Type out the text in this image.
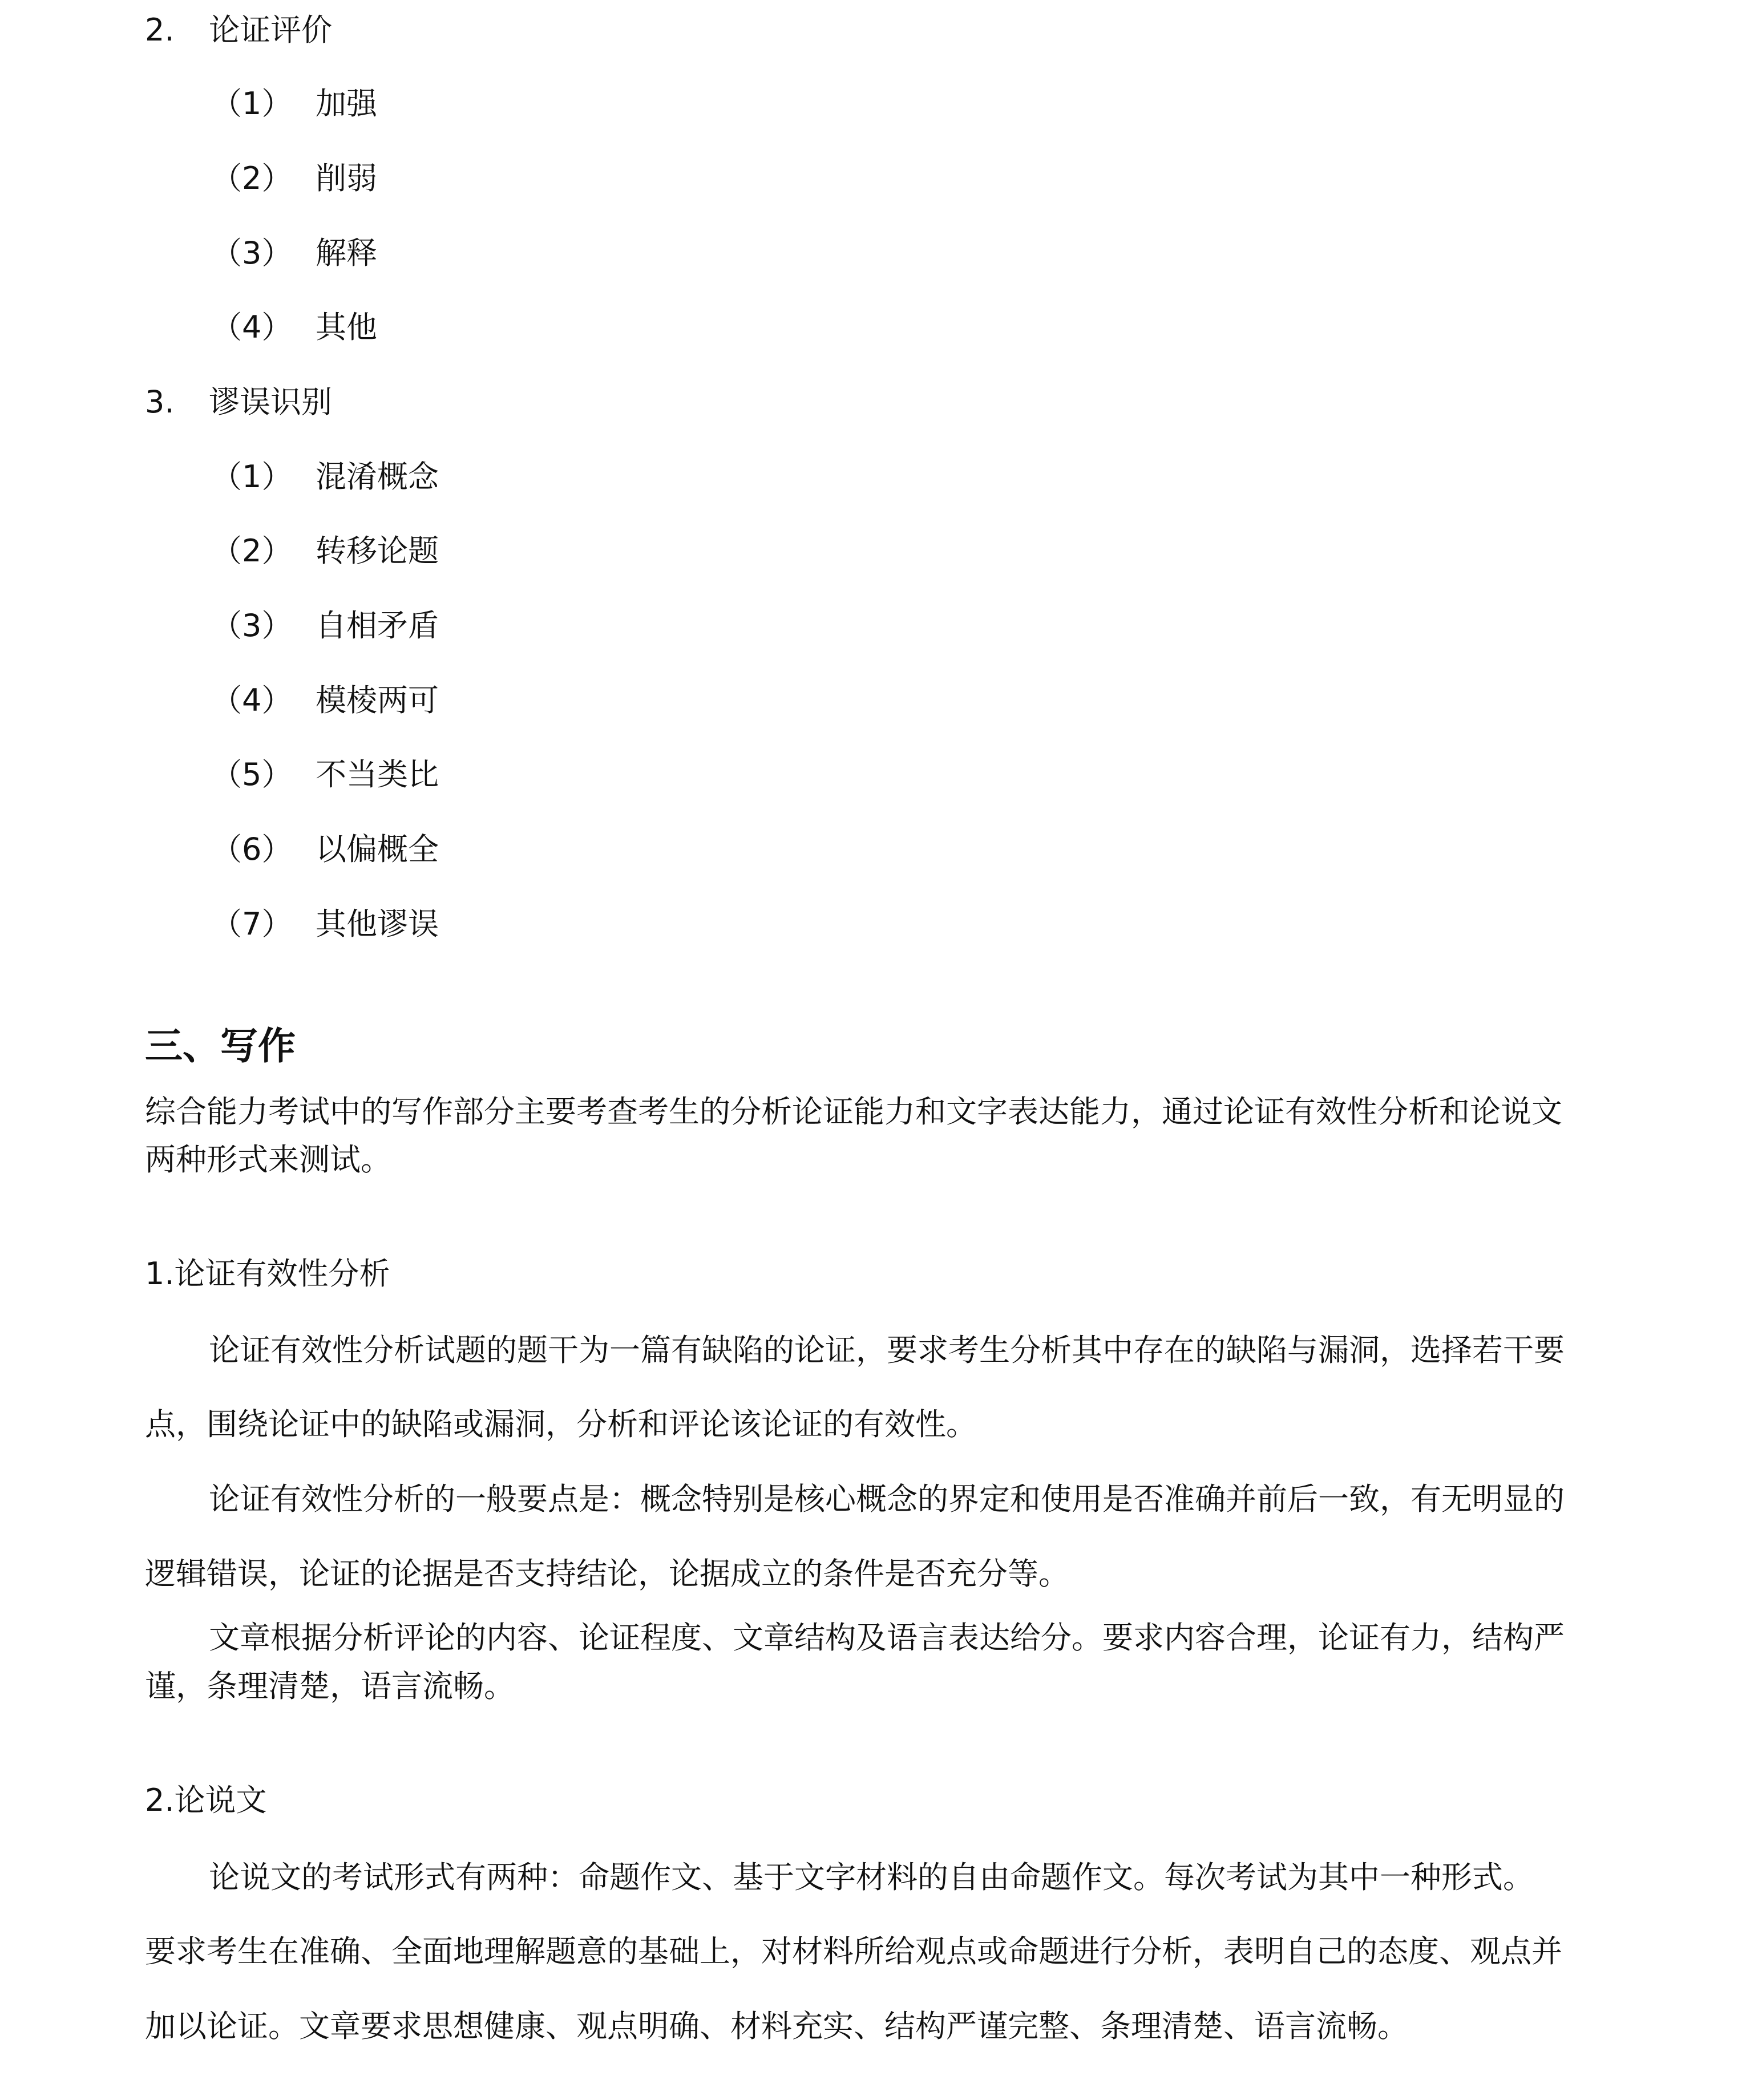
2. 论证评价
（1） 加强
（2） 削弱
（3） 解释
（4） 其他
3. 谬误识别
（1） 混淆概念
（2） 转移论题
（3） 自相矛盾
（4） 模棱两可
（5） 不当类比
（6） 以偏概全
（7） 其他谬误
三、写作
综合能力考试中的写作部分主要考查考生的分析论证能力和文字表达能力，通过论证有效性分析和论说文
两种形式来测试。
1.论证有效性分析
论证有效性分析试题的题干为一篇有缺陷的论证，要求考生分析其中存在的缺陷与漏洞，选择若干要
点，围绕论证中的缺陷或漏洞，分析和评论该论证的有效性。
论证有效性分析的一般要点是：概念特别是核心概念的界定和使用是否准确并前后一致，有无明显的
逻辑错误，论证的论据是否支持结论，论据成立的条件是否充分等。
文章根据分析评论的内容、论证程度、文章结构及语言表达给分。要求内容合理，论证有力，结构严
谨，条理清楚，语言流畅。
2.论说文
论说文的考试形式有两种：命题作文、基于文字材料的自由命题作文。每次考试为其中一种形式。
要求考生在准确、全面地理解题意的基础上，对材料所给观点或命题进行分析，表明自己的态度、观点并
加以论证。文章要求思想健康、观点明确、材料充实、结构严谨完整、条理清楚、语言流畅。
